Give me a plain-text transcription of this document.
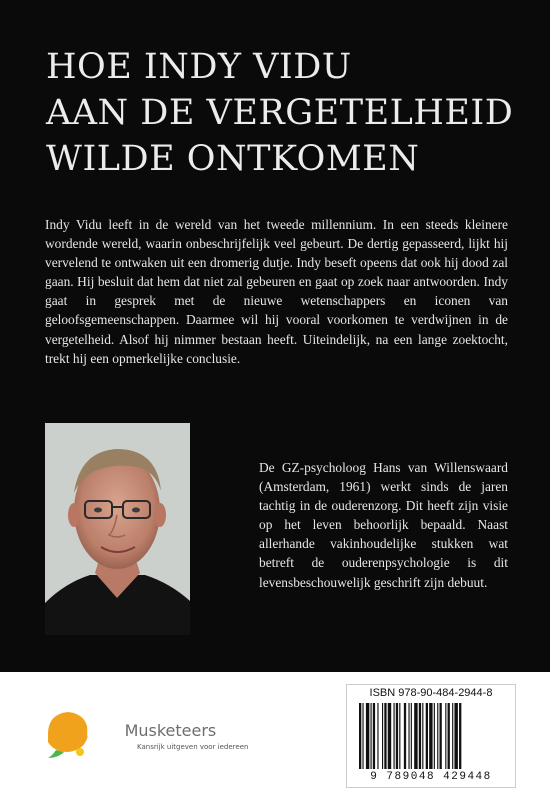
HOE INDY VIDU
AAN DE VERGETELHEID
WILDE ONTKOMEN

Indy Vidu leeft in de wereld van het tweede millennium. In een steeds kleinere wordende wereld, waarin onbeschrijfelijk veel gebeurt. De dertig gepasseerd, lijkt hij vervelend te ontwaken uit een dromerig dutje. Indy beseft opeens dat ook hij dood zal gaan. Hij besluit dat hem dat niet zal gebeuren en gaat op zoek naar antwoorden. Indy gaat in gesprek met de nieuwe wetenschappers en iconen van geloofsgemeenschappen. Daarmee wil hij vooral voorkomen te verdwijnen in de vergetelheid. Alsof hij nimmer bestaan heeft. Uiteindelijk, na een lange zoektocht, trekt hij een opmerkelijke conclusie.

De GZ-psycholoog Hans van Willenswaard (Amsterdam, 1961) werkt sinds de jaren tachtig in de ouderenzorg. Dit heeft zijn visie op het leven behoorlijk bepaald. Naast allerhande vakinhoudelijke stukken wat betreft de ouderenpsychologie is dit levensbeschouwelijk geschrift zijn debuut.

Free Musketeers
Kansrijk uitgeven voor iedereen
ISBN 978-90-484-2944-8
9 789048 429448
